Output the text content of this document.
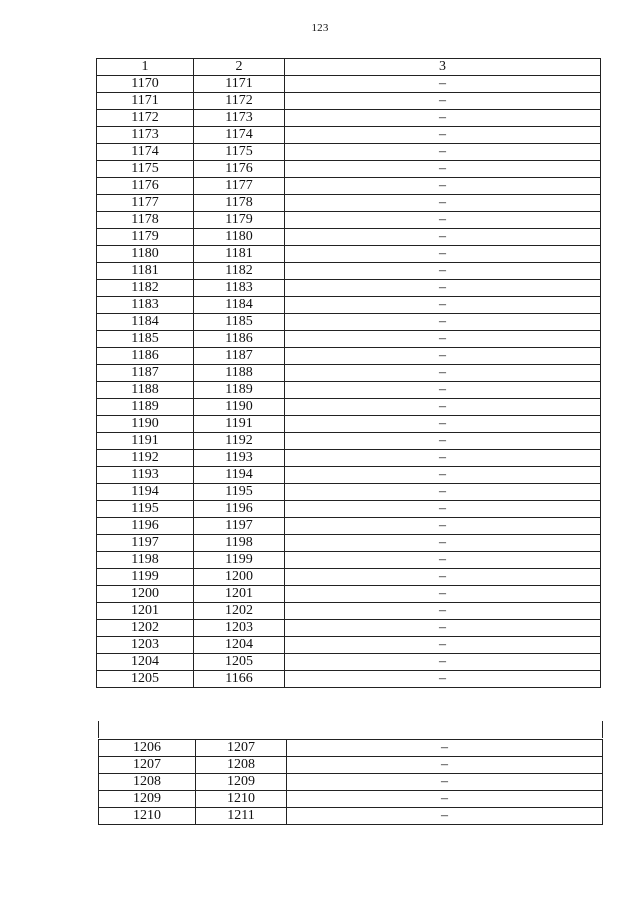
123
1	2	3
1170	1171	–
1171	1172	–
1172	1173	–
1173	1174	–
1174	1175	–
1175	1176	–
1176	1177	–
1177	1178	–
1178	1179	–
1179	1180	–
1180	1181	–
1181	1182	–
1182	1183	–
1183	1184	–
1184	1185	–
1185	1186	–
1186	1187	–
1187	1188	–
1188	1189	–
1189	1190	–
1190	1191	–
1191	1192	–
1192	1193	–
1193	1194	–
1194	1195	–
1195	1196	–
1196	1197	–
1197	1198	–
1198	1199	–
1199	1200	–
1200	1201	–
1201	1202	–
1202	1203	–
1203	1204	–
1204	1205	–
1205	1166	–
1206	1207	–
1207	1208	–
1208	1209	–
1209	1210	–
1210	1211	–
